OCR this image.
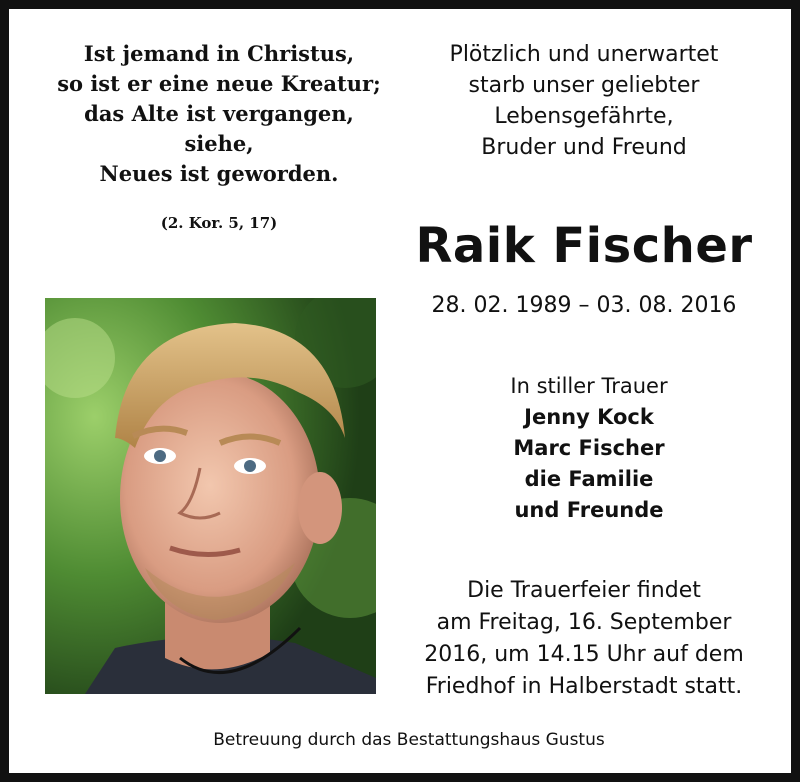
Ist jemand in Christus,
so ist er eine neue Kreatur;
das Alte ist vergangen,
siehe,
Neues ist geworden.
(2. Kor. 5, 17)
Plötzlich und unerwartet
starb unser geliebter
Lebensgefährte,
Bruder und Freund
Raik Fischer
28. 02. 1989 – 03. 08. 2016
In stiller Trauer
Jenny Kock
Marc Fischer
die Familie
und Freunde
Die Trauerfeier findet
am Freitag, 16. September
2016, um 14.15 Uhr auf dem
Friedhof in Halberstadt statt.
Betreuung durch das Bestattungshaus Gustus
